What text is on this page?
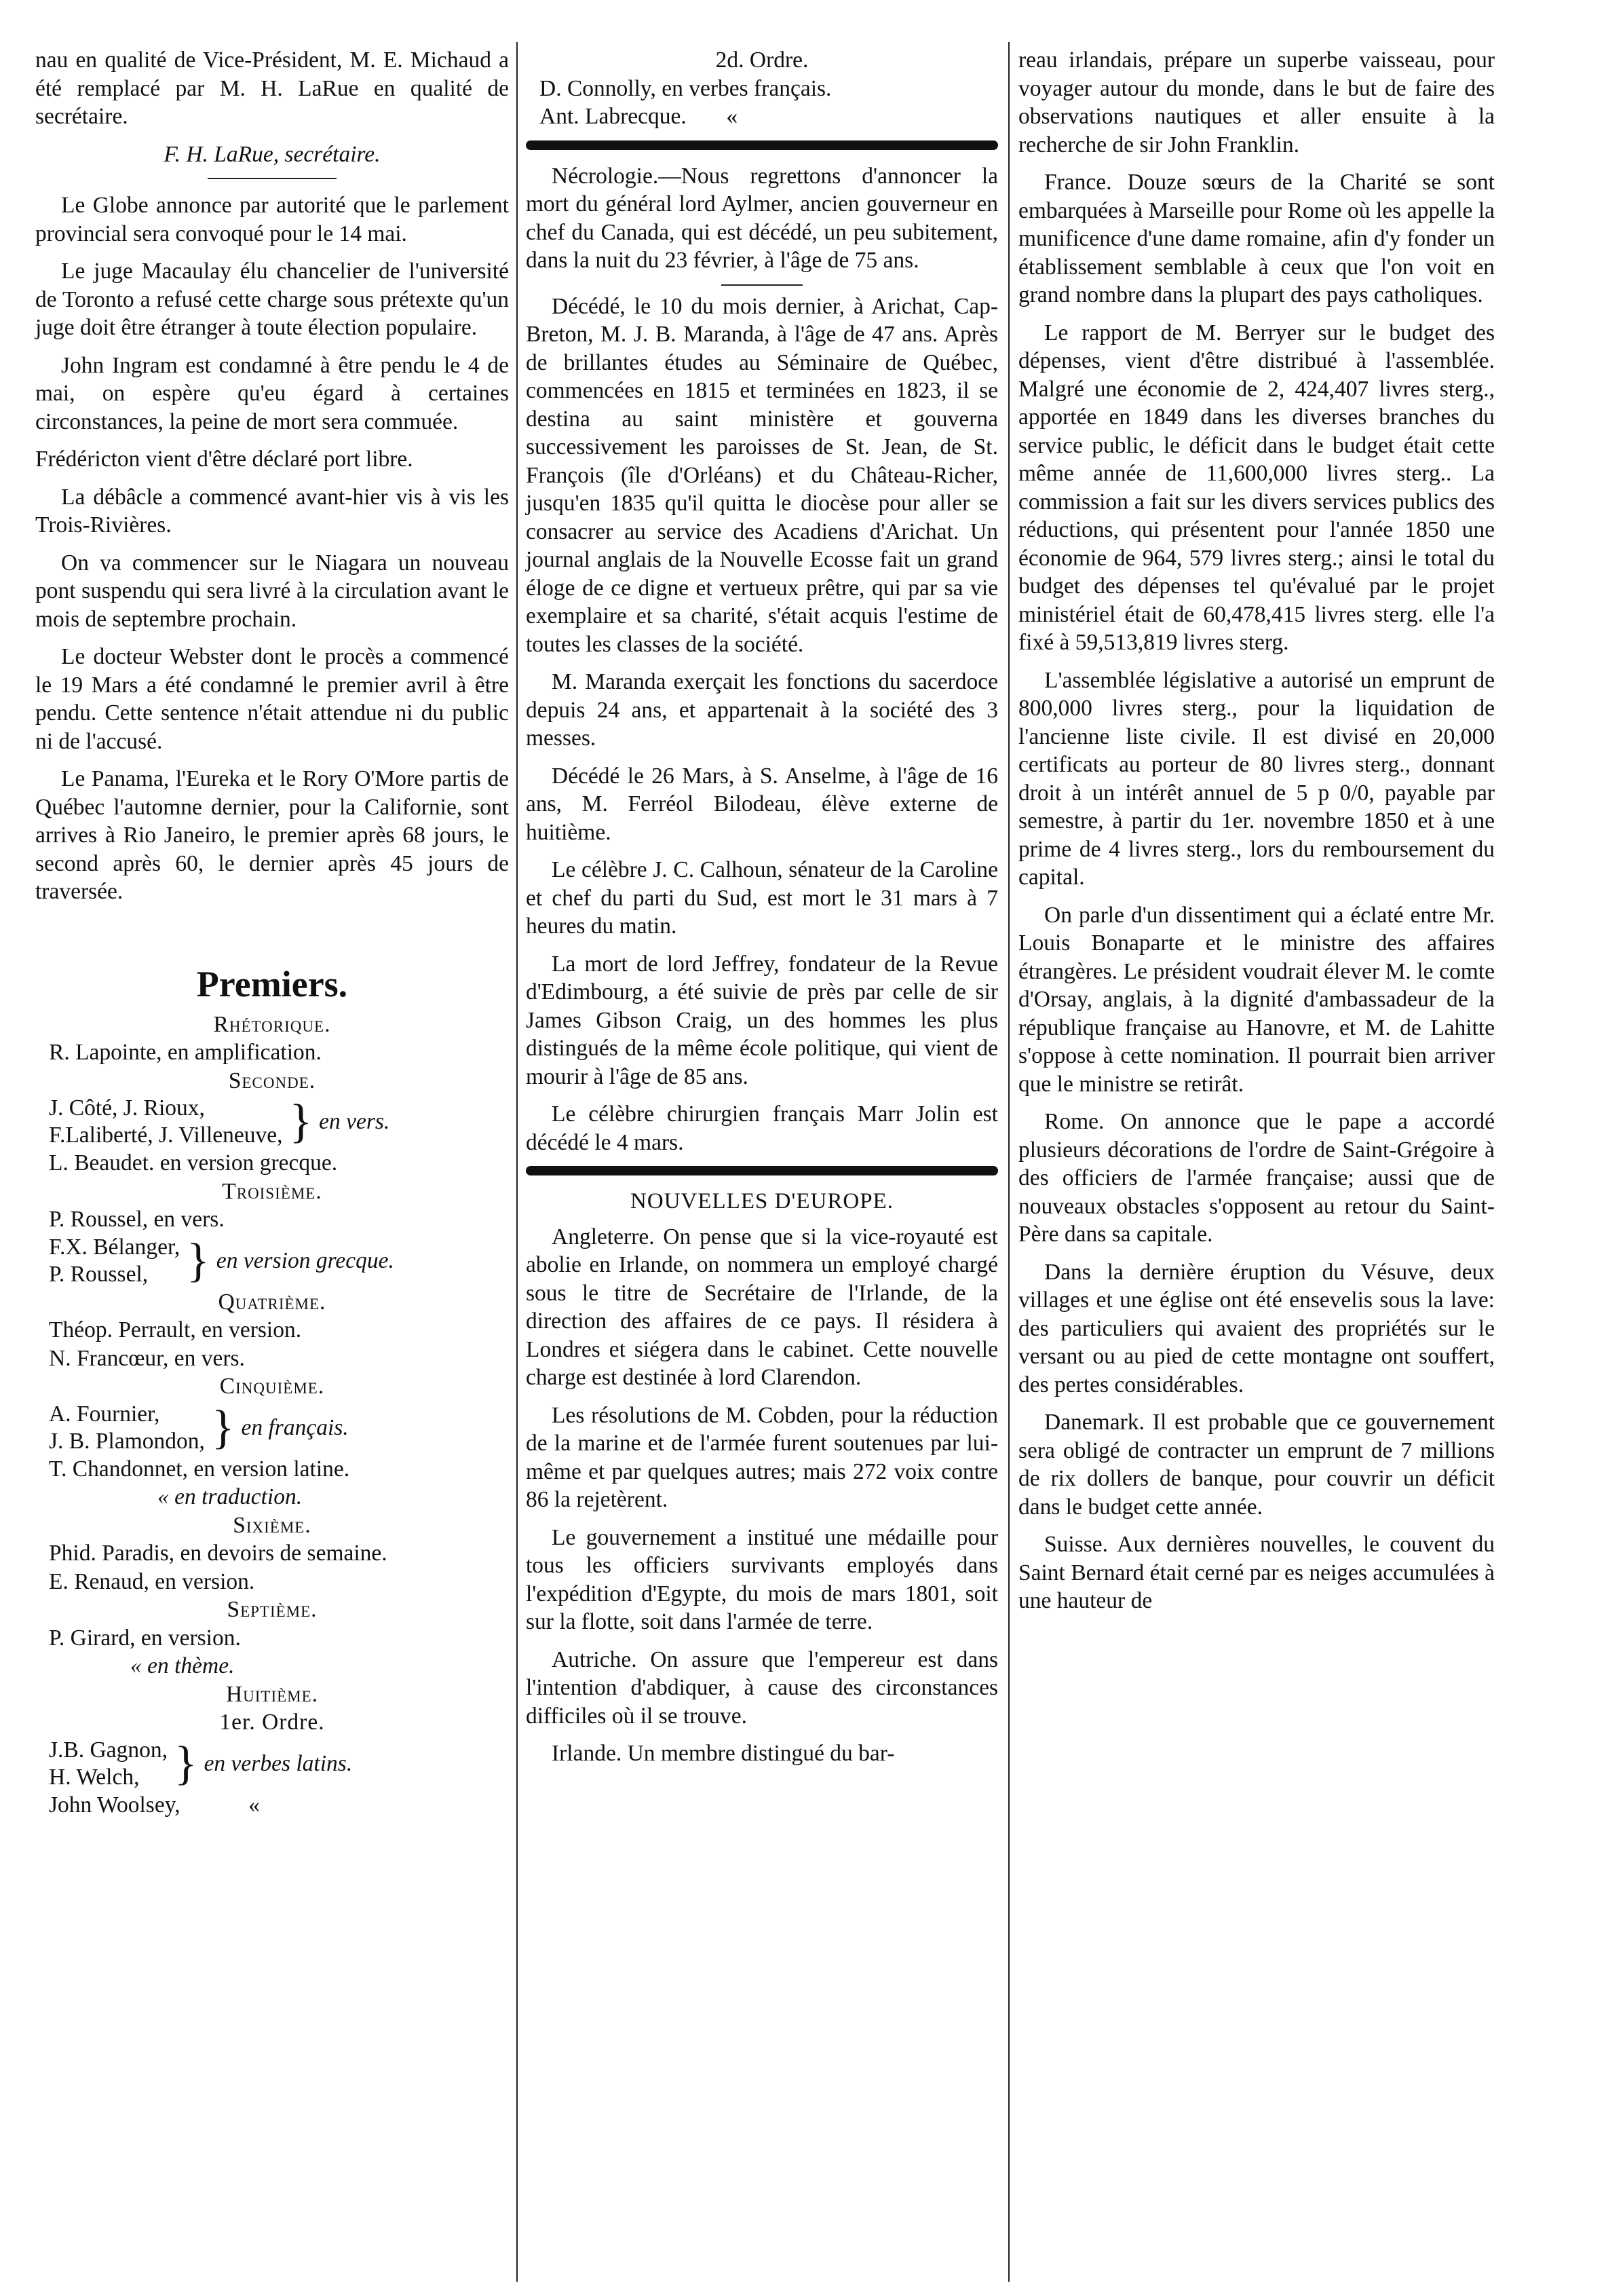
nau en qualité de Vice-Président, M. E. Michaud a été remplacé par M. H. LaRue en qualité de secrétaire.

F. H. LaRue, secrétaire.

Le Globe annonce par autorité que le parlement provincial sera convoqué pour le 14 mai.

Le juge Macaulay élu chancelier de l'université de Toronto a refusé cette charge sous prétexte qu'un juge doit être étranger à toute élection populaire.

John Ingram est condamné à être pendu le 4 de mai, on espère qu'eu égard à certaines circonstances, la peine de mort sera commuée.

Frédéricton vient d'être déclaré port libre.

La débâcle a commencé avant-hier vis à vis les Trois-Rivières.

On va commencer sur le Niagara un nouveau pont suspendu qui sera livré à la circulation avant le mois de septembre prochain.

Le docteur Webster dont le procès a commencé le 19 Mars a été condamné le premier avril à être pendu. Cette sentence n'était attendue ni du public ni de l'accusé.

Le Panama, l'Eureka et le Rory O'More partis de Québec l'automne dernier, pour la Californie, sont arrives à Rio Janeiro, le premier après 68 jours, le second après 60, le dernier après 45 jours de traversée.

Premiers.
Rhétorique.
R. Lapointe, en amplification.
Seconde.
J. Côté, J. Rioux,
F.Laliberté, J. Villeneuve, } en vers.
L. Beaudet. en version grecque.
Troisième.
P. Roussel, en vers.
F.X. Bélanger,
P. Roussel, } en version grecque.
Quatrième.
Théop. Perrault, en version.
N. Francœur, en vers.
Cinquième.
A. Fournier,
J. B. Plamondon, } en français.
T. Chandonnet, en version latine.
« en traduction.
Sixième.
Phid. Paradis, en devoirs de semaine.
E. Renaud, en version.
Septième.
P. Girard, en version.
« en thème.
Huitième.
1er. Ordre.
J.B. Gagnon,
H. Welch, } en verbes latins.
John Woolsey,            «
2d. Ordre.
D. Connolly, en verbes français.
Ant. Labrecque.       «

Nécrologie.—Nous regrettons d'annoncer la mort du général lord Aylmer, ancien gouverneur en chef du Canada, qui est décédé, un peu subitement, dans la nuit du 23 février, à l'âge de 75 ans.

Décédé, le 10 du mois dernier, à Arichat, Cap-Breton, M. J. B. Maranda, à l'âge de 47 ans. Après de brillantes études au Séminaire de Québec, commencées en 1815 et terminées en 1823, il se destina au saint ministère et gouverna successivement les paroisses de St. Jean, de St. François (île d'Orléans) et du Château-Richer, jusqu'en 1835 qu'il quitta le diocèse pour aller se consacrer au service des Acadiens d'Arichat. Un journal anglais de la Nouvelle Ecosse fait un grand éloge de ce digne et vertueux prêtre, qui par sa vie exemplaire et sa charité, s'était acquis l'estime de toutes les classes de la société.

M. Maranda exerçait les fonctions du sacerdoce depuis 24 ans, et appartenait à la société des 3 messes.

Décédé le 26 Mars, à S. Anselme, à l'âge de 16 ans, M. Ferréol Bilodeau, élève externe de huitième.

Le célèbre J. C. Calhoun, sénateur de la Caroline et chef du parti du Sud, est mort le 31 mars à 7 heures du matin.

La mort de lord Jeffrey, fondateur de la Revue d'Edimbourg, a été suivie de près par celle de sir James Gibson Craig, un des hommes les plus distingués de la même école politique, qui vient de mourir à l'âge de 85 ans.

Le célèbre chirurgien français Marr Jolin est décédé le 4 mars.

NOUVELLES D'EUROPE.

Angleterre. On pense que si la vice-royauté est abolie en Irlande, on nommera un employé chargé sous le titre de Secrétaire de l'Irlande, de la direction des affaires de ce pays. Il résidera à Londres et siégera dans le cabinet. Cette nouvelle charge est destinée à lord Clarendon.

Les résolutions de M. Cobden, pour la réduction de la marine et de l'armée furent soutenues par lui-même et par quelques autres; mais 272 voix contre 86 la rejetèrent.

Le gouvernement a institué une médaille pour tous les officiers survivants employés dans l'expédition d'Egypte, du mois de mars 1801, soit sur la flotte, soit dans l'armée de terre.

Autriche. On assure que l'empereur est dans l'intention d'abdiquer, à cause des circonstances difficiles où il se trouve.

Irlande. Un membre distingué du bar-

reau irlandais, prépare un superbe vaisseau, pour voyager autour du monde, dans le but de faire des observations nautiques et aller ensuite à la recherche de sir John Franklin.

France. Douze sœurs de la Charité se sont embarquées à Marseille pour Rome où les appelle la munificence d'une dame romaine, afin d'y fonder un établissement semblable à ceux que l'on voit en grand nombre dans la plupart des pays catholiques.

Le rapport de M. Berryer sur le budget des dépenses, vient d'être distribué à l'assemblée. Malgré une économie de 2, 424,407 livres sterg., apportée en 1849 dans les diverses branches du service public, le déficit dans le budget était cette même année de 11,600,000 livres sterg.. La commission a fait sur les divers services publics des réductions, qui présentent pour l'année 1850 une économie de 964, 579 livres sterg.; ainsi le total du budget des dépenses tel qu'évalué par le projet ministériel était de 60,478,415 livres sterg. elle l'a fixé à 59,513,819 livres sterg.

L'assemblée législative a autorisé un emprunt de 800,000 livres sterg., pour la liquidation de l'ancienne liste civile. Il est divisé en 20,000 certificats au porteur de 80 livres sterg., donnant droit à un intérêt annuel de 5 p 0/0, payable par semestre, à partir du 1er. novembre 1850 et à une prime de 4 livres sterg., lors du remboursement du capital.

On parle d'un dissentiment qui a éclaté entre Mr. Louis Bonaparte et le ministre des affaires étrangères. Le président voudrait élever M. le comte d'Orsay, anglais, à la dignité d'ambassadeur de la république française au Hanovre, et M. de Lahitte s'oppose à cette nomination. Il pourrait bien arriver que le ministre se retirât.

Rome. On annonce que le pape a accordé plusieurs décorations de l'ordre de Saint-Grégoire à des officiers de l'armée française; aussi que de nouveaux obstacles s'opposent au retour du Saint-Père dans sa capitale.

Dans la dernière éruption du Vésuve, deux villages et une église ont été ensevelis sous la lave: des particuliers qui avaient des propriétés sur le versant ou au pied de cette montagne ont souffert, des pertes considérables.

Danemark. Il est probable que ce gouvernement sera obligé de contracter un emprunt de 7 millions de rix dollers de banque, pour couvrir un déficit dans le budget cette année.

Suisse. Aux dernières nouvelles, le couvent du Saint Bernard était cerné par es neiges accumulées à une hauteur de
